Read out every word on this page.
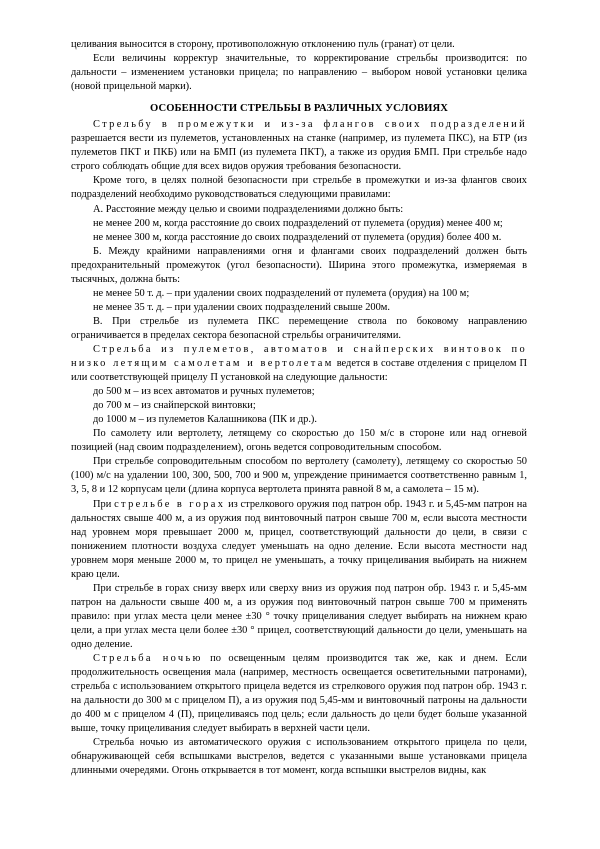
целивания выносится в сторону, противоположную отклонению пуль (гранат) от цели.

Если величины корректур значительные, то корректирование стрельбы производится: по дальности – изменением установки прицела; по направлению – выбором новой установки целика (новой прицельной марки).

ОСОБЕННОСТИ СТРЕЛЬБЫ В РАЗЛИЧНЫХ УСЛОВИЯХ

Стрельбу в промежутки и из-за флангов своих подразделений разрешается вести из пулеметов, установленных на станке (например, из пулемета ПКС), на БТР (из пулеметов ПКТ и ПКБ) или на БМП (из пулемета ПКТ), а также из орудия БМП. При стрельбе надо строго соблюдать общие для всех видов оружия требования безопасности.

Кроме того, в целях полной безопасности при стрельбе в промежутки и из-за флангов своих подразделений необходимо руководствоваться следующими правилами:

А. Расстояние между целью и своими подразделениями должно быть:

не менее 200 м, когда расстояние до своих подразделений от пулемета (орудия) менее 400 м;

не менее 300 м, когда расстояние до своих подразделений от пулемета (орудия) более 400 м.

Б. Между крайними направлениями огня и флангами своих подразделений должен быть предохранительный промежуток (угол безопасности). Ширина этого промежутка, измеряемая в тысячных, должна быть:

не менее 50 т. д. – при удалении своих подразделений от пулемета (орудия) на 100 м;

не менее 35 т. д. – при удалении своих подразделений свыше 200м.

В. При стрельбе из пулемета ПКС перемещение ствола по боковому направлению ограничивается в пределах сектора безопасной стрельбы ограничителями.

Стрельба из пулеметов, автоматов и снайперских винтовок по низко летящим самолетам и вертолетам ведется в составе отделения с прицелом П или соответствующей прицелу П установкой на следующие дальности:

до 500 м – из всех автоматов и ручных пулеметов;

до 700 м – из снайперской винтовки;

до 1000 м – из пулеметов Калашникова (ПК и др.).

По самолету или вертолету, летящему со скоростью до 150 м/с в стороне или над огневой позицией (над своим подразделением), огонь ведется сопроводительным способом.

При стрельбе сопроводительным способом по вертолету (самолету), летящему со скоростью 50 (100) м/с на удалении 100, 300, 500, 700 и 900 м, упреждение принимается соответственно равным 1, 3, 5, 8 и 12 корпусам цели (длина корпуса вертолета принята равной 8 м, а самолета – 15 м).

При стрельбе в горах из стрелкового оружия под патрон обр. 1943 г. и 5,45-мм патрон на дальностях свыше 400 м, а из оружия под винтовочный патрон свыше 700 м, если высота местности над уровнем моря превышает 2000 м, прицел, соответствующий дальности до цели, в связи с понижением плотности воздуха следует уменьшать на одно деление. Если высота местности над уровнем моря меньше 2000 м, то прицел не уменьшать, а точку прицеливания выбирать на нижнем краю цели.

При стрельбе в горах снизу вверх или сверху вниз из оружия под патрон обр. 1943 г. и 5,45-мм патрон на дальности свыше 400 м, а из оружия под винтовочный патрон свыше 700 м применять правило: при углах места цели менее ±30 ° точку прицеливания следует выбирать на нижнем краю цели, а при углах места цели более ±30 ° прицел, соответствующий дальности до цели, уменьшать на одно деление.

Стрельба ночью по освещенным целям производится так же, как и днем. Если продолжительность освещения мала (например, местность освещается осветительными патронами), стрельба с использованием открытого прицела ведется из стрелкового оружия под патрон обр. 1943 г. на дальности до 300 м с прицелом П), а из оружия под 5,45-мм и винтовочный патроны на дальности до 400 м с прицелом 4 (П), прицеливаясь под цель; если дальность до цели будет больше указанной выше, точку прицеливания следует выбирать в верхней части цели.

Стрельба ночью из автоматического оружия с использованием открытого прицела по цели, обнаруживающей себя вспышками выстрелов, ведется с указанными выше установками прицела длинными очередями. Огонь открывается в тот момент, когда вспышки выстрелов видны, как
